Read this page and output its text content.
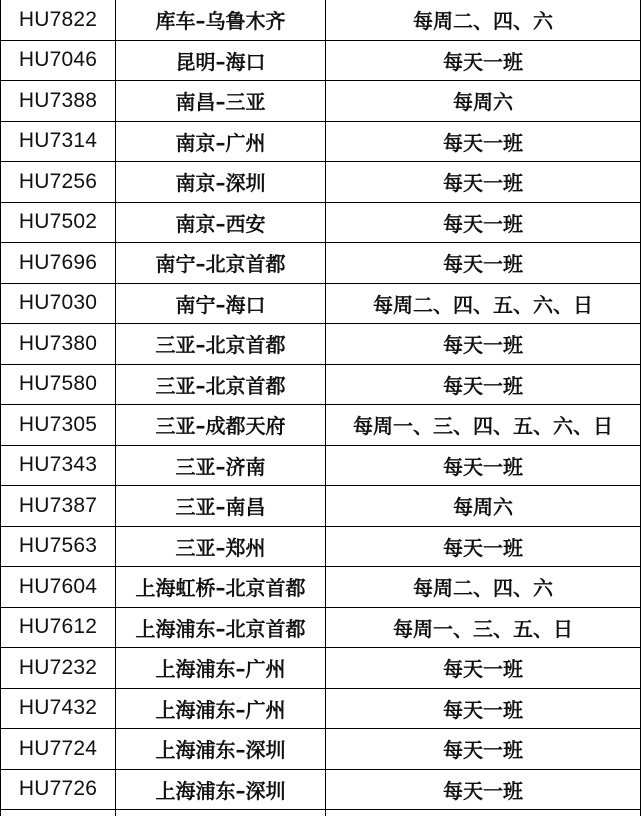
HU7822	库车–乌鲁木齐	每周二、四、六
HU7046	昆明–海口	每天一班
HU7388	南昌–三亚	每周六
HU7314	南京–广州	每天一班
HU7256	南京–深圳	每天一班
HU7502	南京–西安	每天一班
HU7696	南宁–北京首都	每天一班
HU7030	南宁–海口	每周二、四、五、六、日
HU7380	三亚–北京首都	每天一班
HU7580	三亚–北京首都	每天一班
HU7305	三亚–成都天府	每周一、三、四、五、六、日
HU7343	三亚–济南	每天一班
HU7387	三亚–南昌	每周六
HU7563	三亚–郑州	每天一班
HU7604	上海虹桥–北京首都	每周二、四、六
HU7612	上海浦东–北京首都	每周一、三、五、日
HU7232	上海浦东–广州	每天一班
HU7432	上海浦东–广州	每天一班
HU7724	上海浦东–深圳	每天一班
HU7726	上海浦东–深圳	每天一班
